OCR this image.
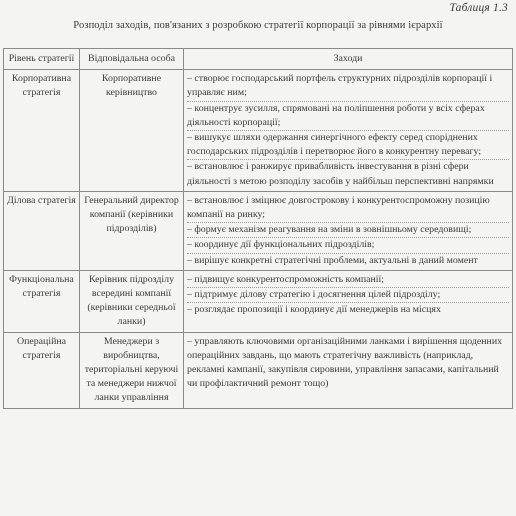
Таблиця 1.3
Розподіл заходів, пов'язаних з розробкою стратегії корпорації за рівнями ієрархії
Рівень стратегії	Відповідальна особа	Заходи
Корпоративна стратегія	Корпоративне керівництво	– створює господарський портфель структурних підрозділів корпорації і управляє ним;
– концентрує зусилля, спрямовані на поліпшення роботи у всіх сферах діяльності корпорації;
– вишукує шляхи одержання синергічного ефекту серед споріднених господарських підрозділів і перетворює його в конкурентну перевагу;
– встановлює і ранжирує привабливість інвестування в різні сфери діяльності з метою розподілу засобів у найбільш перспективні напрямки

Ділова стратегія	Генеральний директор компанії (керівники підрозділів)	– встановлює і зміцнює довгострокову і конкурентоспроможну позицію компанії на ринку;
– формує механізм реагування на зміни в зовнішньому середовищі;
– координує дії функціональних підрозділів;
– вирішує конкретні стратегічні проблеми, актуальні в даний момент

Функціональна стратегія	Керівник підрозділу всередині компанії (керівники середньої ланки)	– підвищує конкурентоспроможність компанії;
– підтримує ділову стратегію і досягнення цілей підрозділу;
– розглядає пропозиції і координує дії менеджерів на місцях

Операційна стратегія	Менеджери з виробництва, територіальні керуючі та менеджери нижчої ланки управління	– управляють ключовими організаційними ланками і вирішення щоденних операційних завдань, що мають стратегічну важливість (наприклад, рекламні кампанії, закупівля сировини, управління запасами, капітальний чи профілактичний ремонт тощо)
